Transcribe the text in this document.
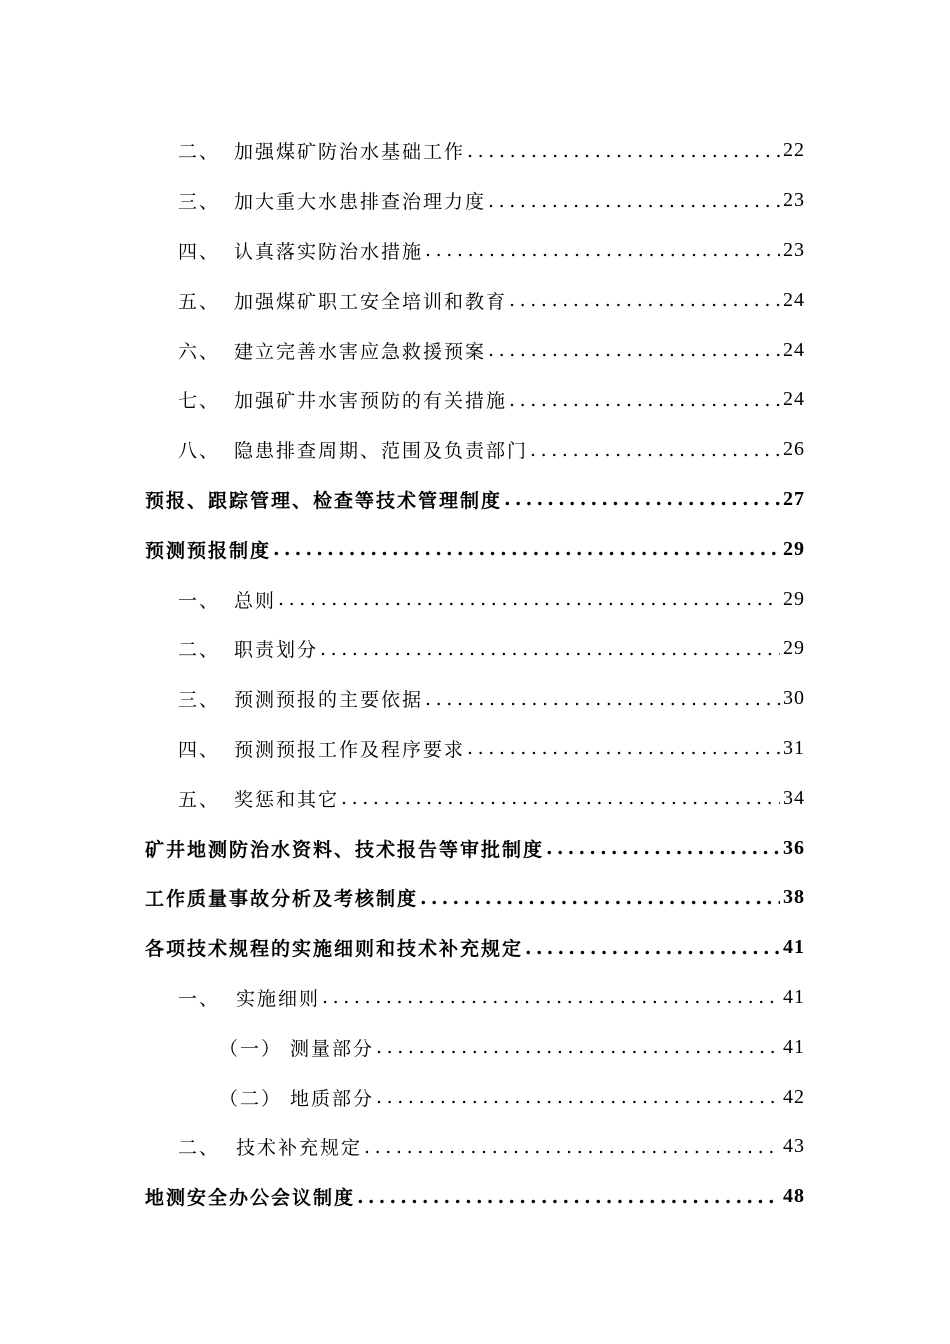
二、 加强煤矿防治水基础工作 .....	22
三、 加大重大水患排查治理力度 .....	23
四、 认真落实防治水措施 .....	23
五、 加强煤矿职工安全培训和教育 .....	24
六、 建立完善水害应急救援预案 .....	24
七、 加强矿井水害预防的有关措施 .....	24
八、 隐患排查周期、范围及负责部门 .....	26
预报、跟踪管理、检查等技术管理制度 .....	27
预测预报制度 .....	29
一、 总则 .....	29
二、 职责划分 .....	29
三、 预测预报的主要依据 .....	30
四、 预测预报工作及程序要求 .....	31
五、 奖惩和其它 .....	34
矿井地测防治水资料、技术报告等审批制度 .....	36
工作质量事故分析及考核制度 .....	38
各项技术规程的实施细则和技术补充规定 .....	41
一、 实施细则 .....	41
（一） 测量部分 .....	41
（二） 地质部分 .....	42
二、 技术补充规定 .....	43
地测安全办公会议制度 .....	48
